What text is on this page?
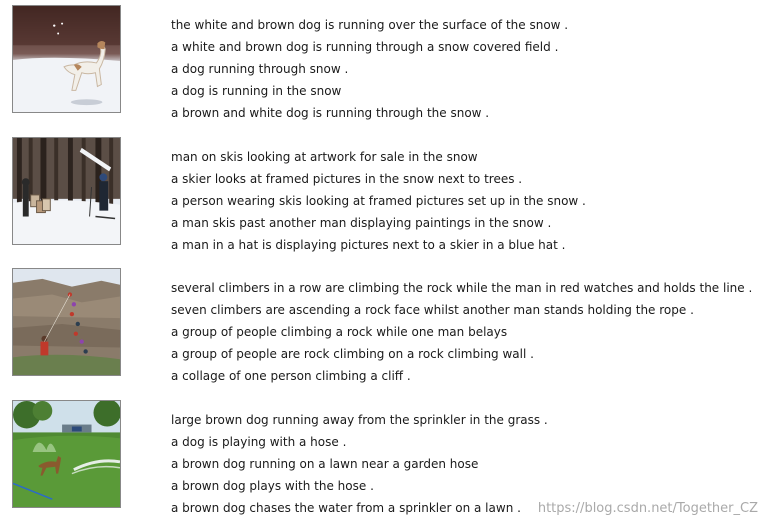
the white and brown dog is running over the surface of the snow .
a white and brown dog is running through a snow covered field .
a dog running through snow .
a dog is running in the snow
a brown and white dog is running through the snow .
man on skis looking at artwork for sale in the snow
a skier looks at framed pictures in the snow next to trees .
a person wearing skis looking at framed pictures set up in the snow .
a man skis past another man displaying paintings in the snow .
a man in a hat is displaying pictures next to a skier in a blue hat .
several climbers in a row are climbing the rock while the man in red watches and holds the line .
seven climbers are ascending a rock face whilst another man stands holding the rope .
a group of people climbing a rock while one man belays
a group of people are rock climbing on a rock climbing wall .
a collage of one person climbing a cliff .
large brown dog running away from the sprinkler in the grass .
a dog is playing with a hose .
a brown dog running on a lawn near a garden hose
a brown dog plays with the hose .
a brown dog chases the water from a sprinkler on a lawn .	https://blog.csdn.net/Together_CZ
